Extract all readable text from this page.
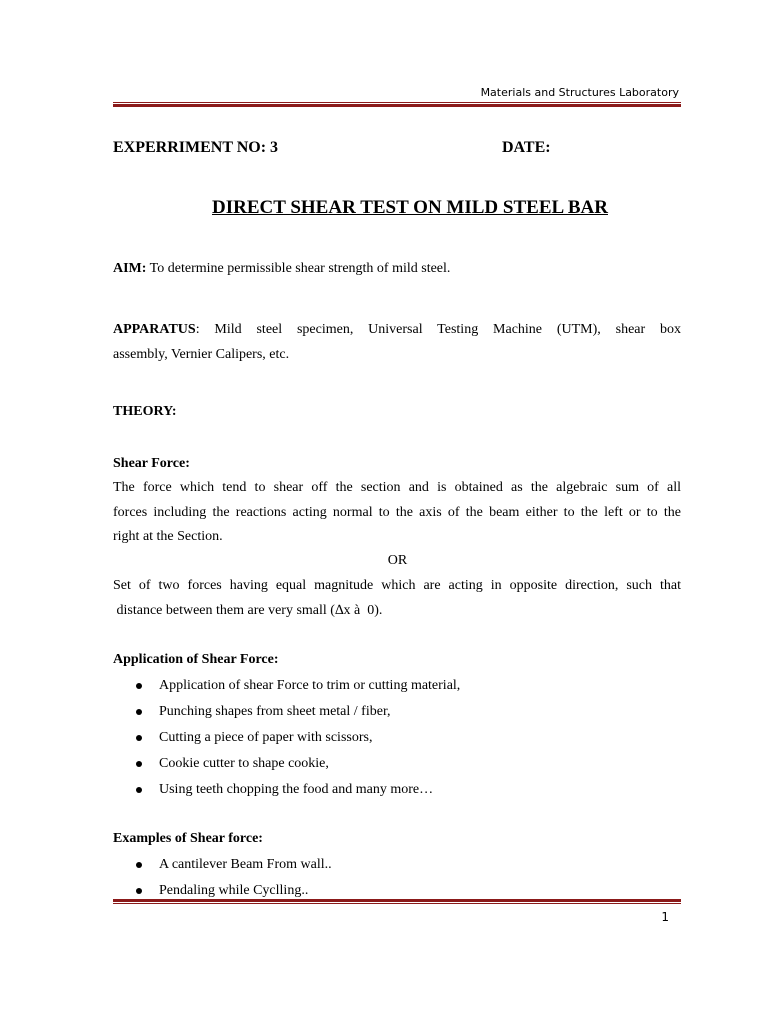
Materials and Structures Laboratory
EXPERRIMENT NO: 3	DATE:
DIRECT SHEAR TEST ON MILD STEEL BAR
AIM: To determine permissible shear strength of mild steel.
APPARATUS: Mild steel specimen, Universal Testing Machine (UTM), shear box
assembly, Vernier Calipers, etc.
THEORY:
Shear Force:
The force which tend to shear off the section and is obtained as the algebraic sum of all
forces including the reactions acting normal to the axis of the beam either to the left or to the
right at the Section.
OR
Set of two forces having equal magnitude which are acting in opposite direction, such that
distance between them are very small (∆x à  0).
Application of Shear Force:
Application of shear Force to trim or cutting material,
Punching shapes from sheet metal / fiber,
Cutting a piece of paper with scissors,
Cookie cutter to shape cookie,
Using teeth chopping the food and many more…
Examples of Shear force:
A cantilever Beam From wall..
Pendaling while Cyclling..
1
